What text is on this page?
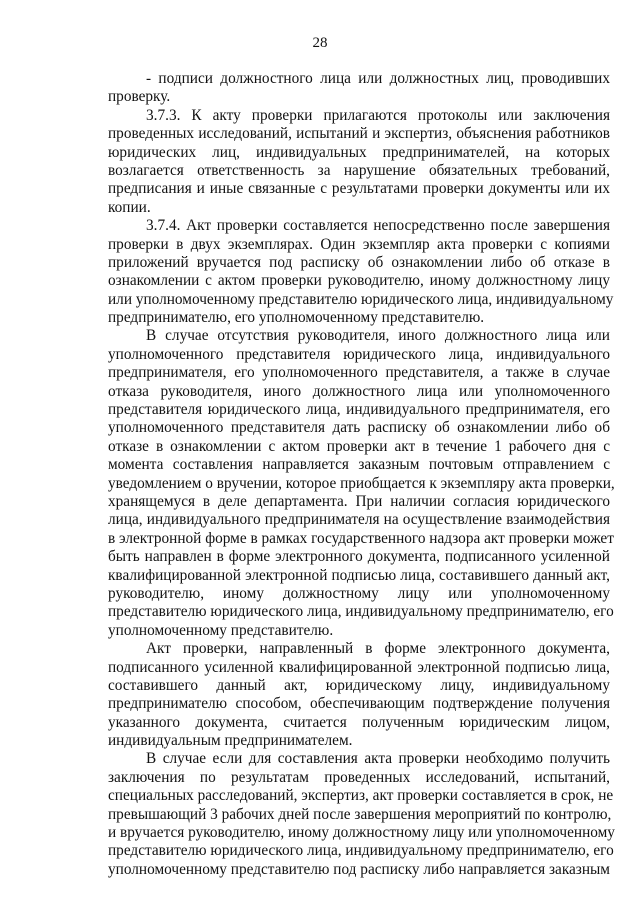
28
- подписи должностного лица или должностных лиц, проводивших
проверку.
3.7.3. К акту проверки прилагаются протоколы или заключения
проведенных исследований, испытаний и экспертиз, объяснения работников
юридических лиц, индивидуальных предпринимателей, на которых
возлагается ответственность за нарушение обязательных требований,
предписания и иные связанные с результатами проверки документы или их
копии.
3.7.4. Акт проверки составляется непосредственно после завершения
проверки в двух экземплярах. Один экземпляр акта проверки с копиями
приложений вручается под расписку об ознакомлении либо об отказе в
ознакомлении с актом проверки руководителю, иному должностному лицу
или уполномоченному представителю юридического лица, индивидуальному
предпринимателю, его уполномоченному представителю.
В случае отсутствия руководителя, иного должностного лица или
уполномоченного представителя юридического лица, индивидуального
предпринимателя, его уполномоченного представителя, а также в случае
отказа руководителя, иного должностного лица или уполномоченного
представителя юридического лица, индивидуального предпринимателя, его
уполномоченного представителя дать расписку об ознакомлении либо об
отказе в ознакомлении с актом проверки акт в течение 1 рабочего дня с
момента составления направляется заказным почтовым отправлением с
уведомлением о вручении, которое приобщается к экземпляру акта проверки,
хранящемуся в деле департамента. При наличии согласия юридического
лица, индивидуального предпринимателя на осуществление взаимодействия
в электронной форме в рамках государственного надзора акт проверки может
быть направлен в форме электронного документа, подписанного усиленной
квалифицированной электронной подписью лица, составившего данный акт,
руководителю, иному должностному лицу или уполномоченному
представителю юридического лица, индивидуальному предпринимателю, его
уполномоченному представителю.
Акт проверки, направленный в форме электронного документа,
подписанного усиленной квалифицированной электронной подписью лица,
составившего данный акт, юридическому лицу, индивидуальному
предпринимателю способом, обеспечивающим подтверждение получения
указанного документа, считается полученным юридическим лицом,
индивидуальным предпринимателем.
В случае если для составления акта проверки необходимо получить
заключения по результатам проведенных исследований, испытаний,
специальных расследований, экспертиз, акт проверки составляется в срок, не
превышающий 3 рабочих дней после завершения мероприятий по контролю,
и вручается руководителю, иному должностному лицу или уполномоченному
представителю юридического лица, индивидуальному предпринимателю, его
уполномоченному представителю под расписку либо направляется заказным
